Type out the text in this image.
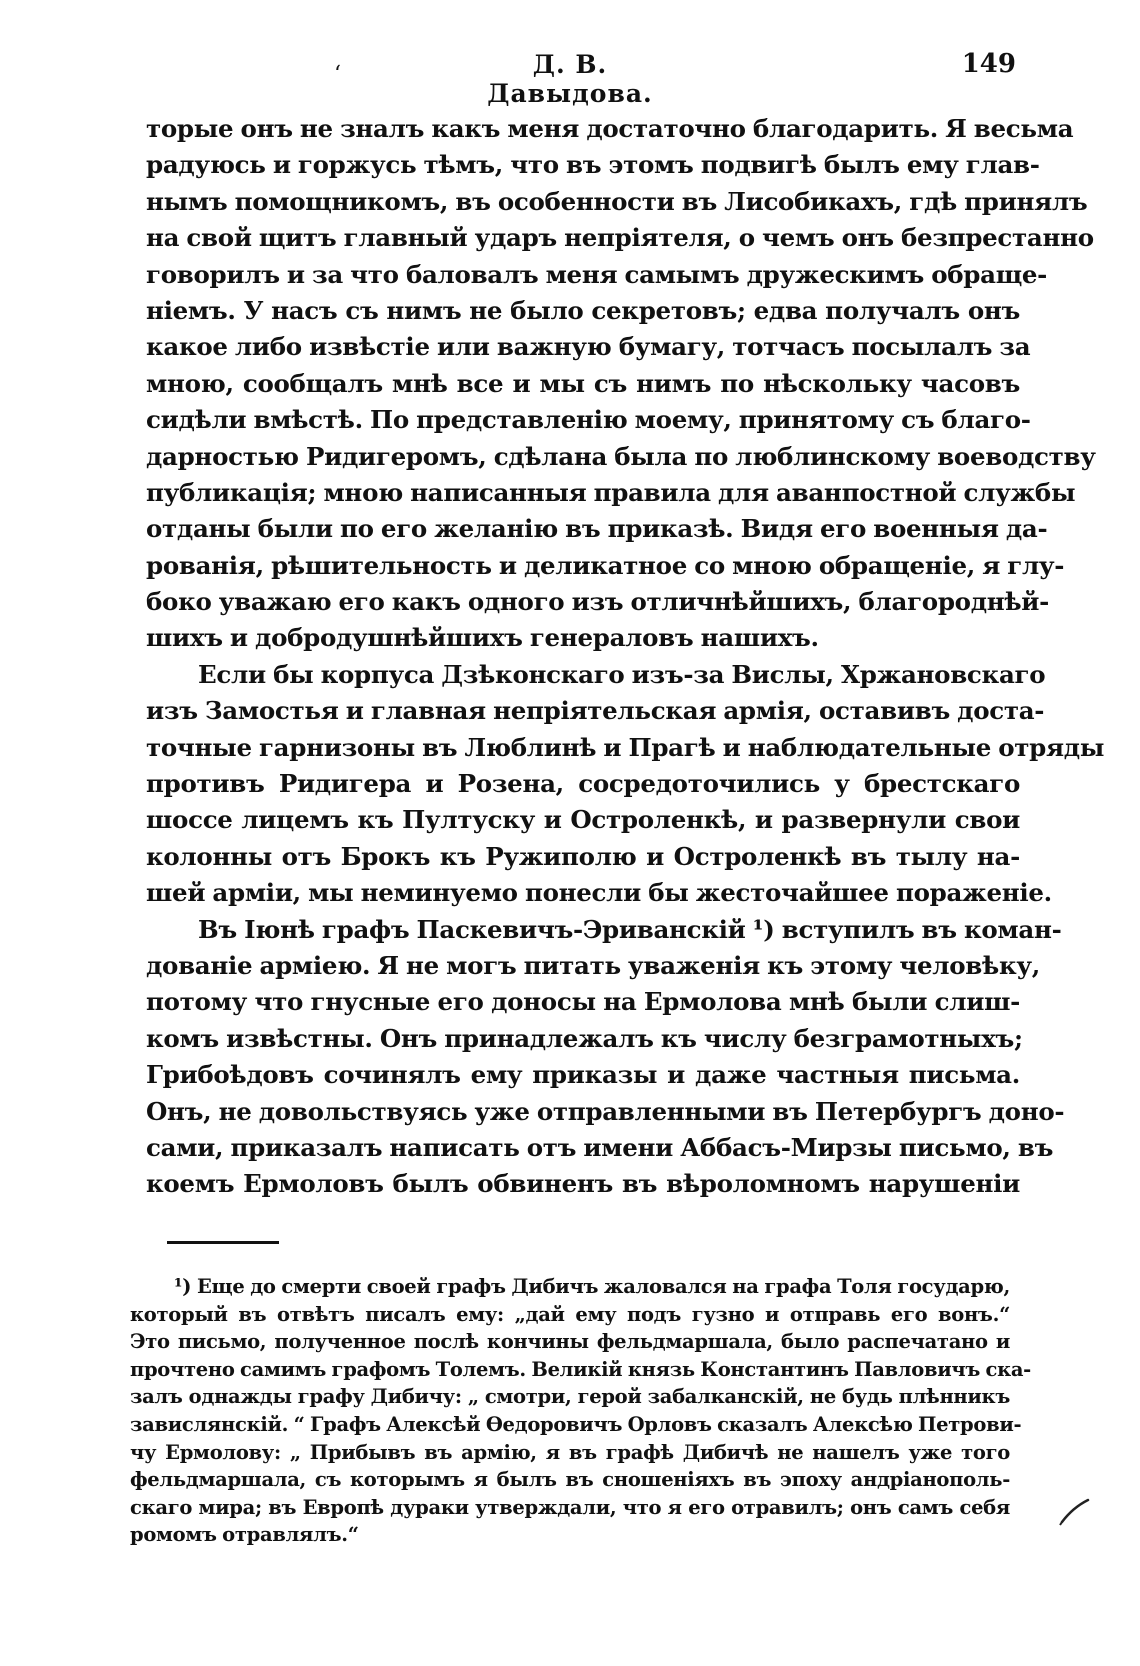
ʻ	Д. В. Давыдова.
149
торые онъ не зналъ какъ меня достаточно благодарить. Я весьма
радуюсь и горжусь тѣмъ, что въ этомъ подвигѣ былъ ему глав-
нымъ помощникомъ, въ особенности въ Лисобикахъ, гдѣ принялъ
на свой щитъ главный ударъ непріятеля, о чемъ онъ безпрестанно
говорилъ и за что баловалъ меня самымъ дружескимъ обраще-
ніемъ. У насъ съ нимъ не было секретовъ; едва получалъ онъ
какое либо извѣстіе или важную бумагу, тотчасъ посылалъ за
мною, сообщалъ мнѣ все и мы съ нимъ по нѣскольку часовъ
сидѣли вмѣстѣ. По представленію моему, принятому съ благо-
дарностью Ридигеромъ, сдѣлана была по люблинскому воеводству
публикація; мною написанныя правила для аванпостной службы
отданы были по его желанію въ приказѣ. Видя его военныя да-
рованія, рѣшительность и деликатное со мною обращеніе, я глу-
боко уважаю его какъ одного изъ отличнѣйшихъ, благороднѣй-
шихъ и добродушнѣйшихъ генераловъ нашихъ.
Если бы корпуса Дзѣконскаго изъ-за Вислы, Хржановскаго
изъ Замостья и главная непріятельская армія, оставивъ доста-
точные гарнизоны въ Люблинѣ и Прагѣ и наблюдательные отряды
противъ Ридигера и Розена, сосредоточились у брестскаго
шоссе лицемъ къ Пултуску и Остроленкѣ, и развернули свои
колонны отъ Брокъ къ Ружиполю и Остроленкѣ въ тылу на-
шей арміи, мы неминуемо понесли бы жесточайшее пораженіе.
Въ Іюнѣ графъ Паскевичъ-Эриванскій ¹) вступилъ въ коман-
дованіе арміею. Я не могъ питать уваженія къ этому человѣку,
потому что гнусные его доносы на Ермолова мнѣ были слиш-
комъ извѣстны. Онъ принадлежалъ къ числу безграмотныхъ;
Грибоѣдовъ сочинялъ ему приказы и даже частныя письма.
Онъ, не довольствуясь уже отправленными въ Петербургъ доно-
сами, приказалъ написать отъ имени Аббасъ-Мирзы письмо, въ
коемъ Ермоловъ былъ обвиненъ въ вѣроломномъ нарушеніи
¹) Еще до смерти своей графъ Дибичъ жаловался на графа Толя государю,
который въ отвѣтъ писалъ ему: „дай ему подъ гузно и отправь его вонъ.“
Это письмо, полученное послѣ кончины фельдмаршала, было распечатано и
прочтено самимъ графомъ Толемъ. Великій князь Константинъ Павловичъ ска-
залъ однажды графу Дибичу: „ смотри, герой забалканскій, не будь плѣнникъ
завислянскій. “ Графъ Алексѣй Ѳедоровичъ Орловъ сказалъ Алексѣю Петрови-
чу Ермолову: „ Прибывъ въ армію, я въ графѣ Дибичѣ не нашелъ уже того
фельдмаршала, съ которымъ я былъ въ сношеніяхъ въ эпоху андріанополь-
скаго мира; въ Европѣ дураки утверждали, что я его отравилъ; онъ самъ себя
ромомъ отравлялъ.“
